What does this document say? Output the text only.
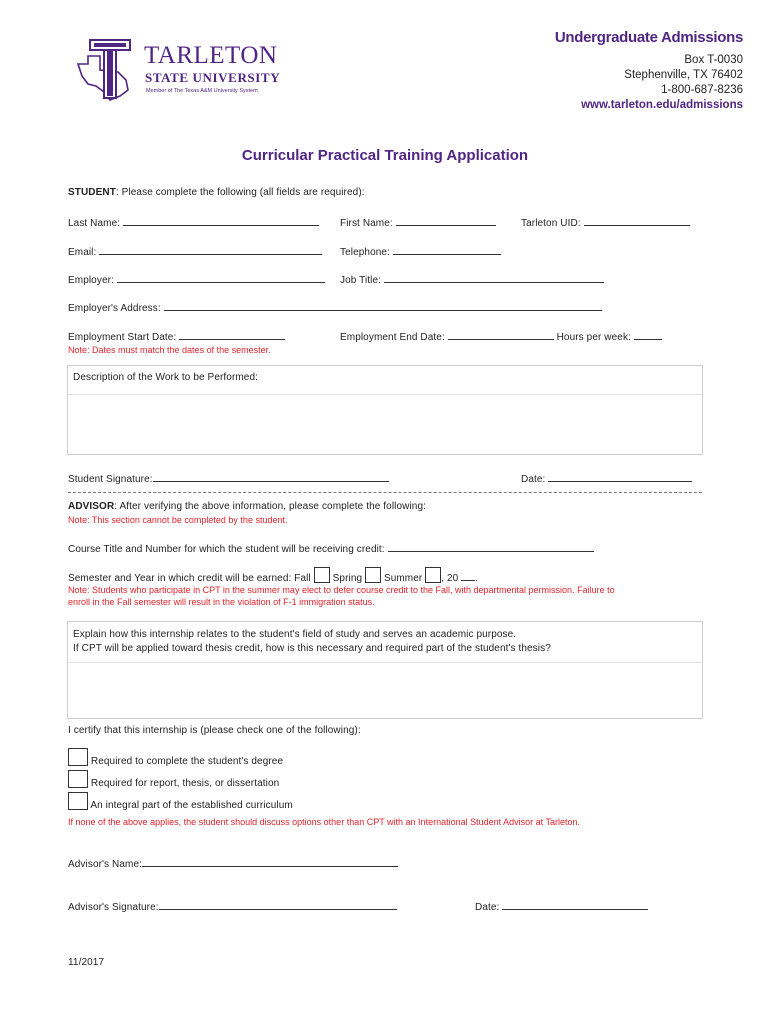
TARLETON
STATE UNIVERSITY
Member of The Texas A&M University System
Undergraduate Admissions
Box T-0030
Stephenville, TX 76402
1-800-687-8236
www.tarleton.edu/admissions
Curricular Practical Training Application
STUDENT: Please complete the following (all fields are required):
Last Name:	First Name:	Tarleton UID:
Email:	Telephone:
Employer:	Job Title:
Employer's Address:
Employment Start Date:	Employment End Date:	Hours per week:
Note: Dates must match the dates of the semester.
Description of the Work to be Performed:
Student Signature:	Date:
ADVISOR: After verifying the above information, please complete the following:
Note: This section cannot be completed by the student.
Course Title and Number for which the student will be receiving credit:
Semester and Year in which credit will be earned: Fall Spring Summer , 20 .
Note: Students who participate in CPT in the summer may elect to defer course credit to the Fall, with departmental permission. Failure to
enroll in the Fall semester will result in the violation of F-1 immigration status.
Explain how this internship relates to the student's field of study and serves an academic purpose.
If CPT will be applied toward thesis credit, how is this necessary and required part of the student's thesis?
I certify that this internship is (please check one of the following):
Required to complete the student's degree
Required for report, thesis, or dissertation
An integral part of the established curriculum
If none of the above applies, the student should discuss options other than CPT with an International Student Advisor at Tarleton.
Advisor's Name:
Advisor's Signature:	Date:
11/2017
